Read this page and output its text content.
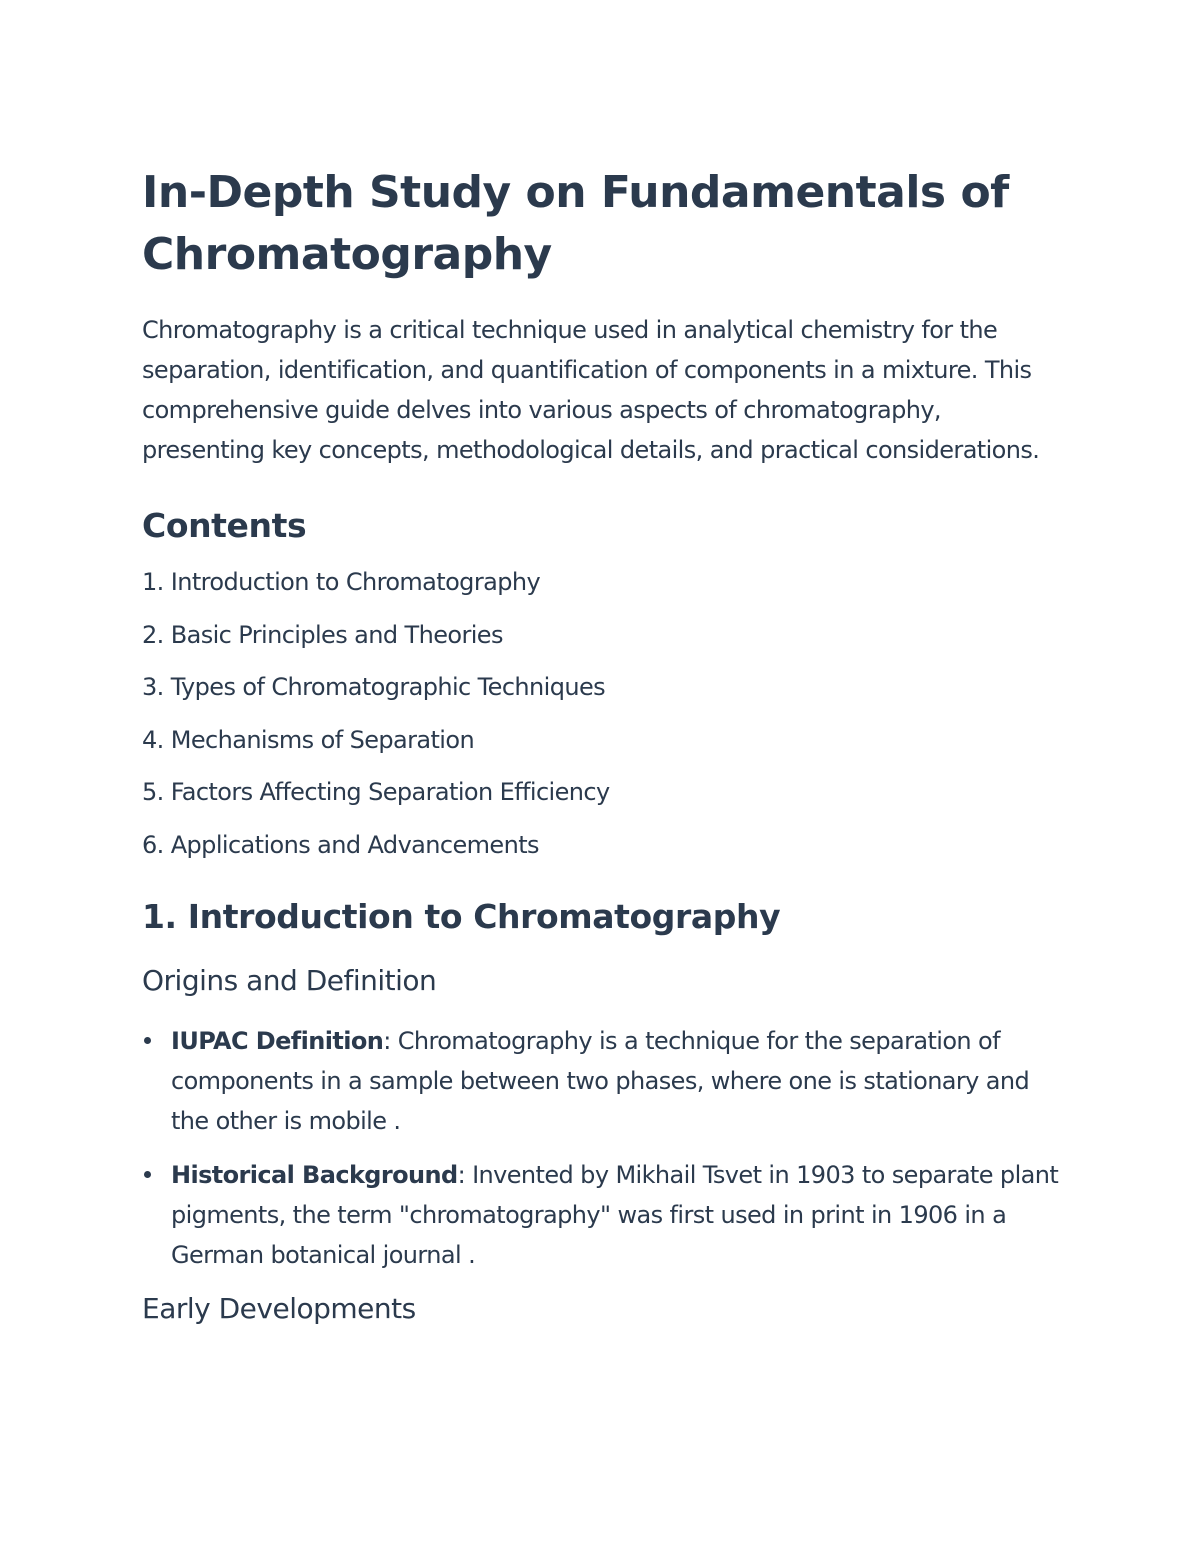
In-Depth Study on Fundamentals of Chromatography

Chromatography is a critical technique used in analytical chemistry for the separation, identification, and quantification of components in a mixture. This comprehensive guide delves into various aspects of chromatography, presenting key concepts, methodological details, and practical considerations.

Contents
1. Introduction to Chromatography
2. Basic Principles and Theories
3. Types of Chromatographic Techniques
4. Mechanisms of Separation
5. Factors Affecting Separation Efficiency
6. Applications and Advancements
1. Introduction to Chromatography
Origins and Definition
IUPAC Definition: Chromatography is a technique for the separation of components in a sample between two phases, where one is stationary and the other is mobile .
Historical Background: Invented by Mikhail Tsvet in 1903 to separate plant pigments, the term "chromatography" was first used in print in 1906 in a German botanical journal .
Early Developments
